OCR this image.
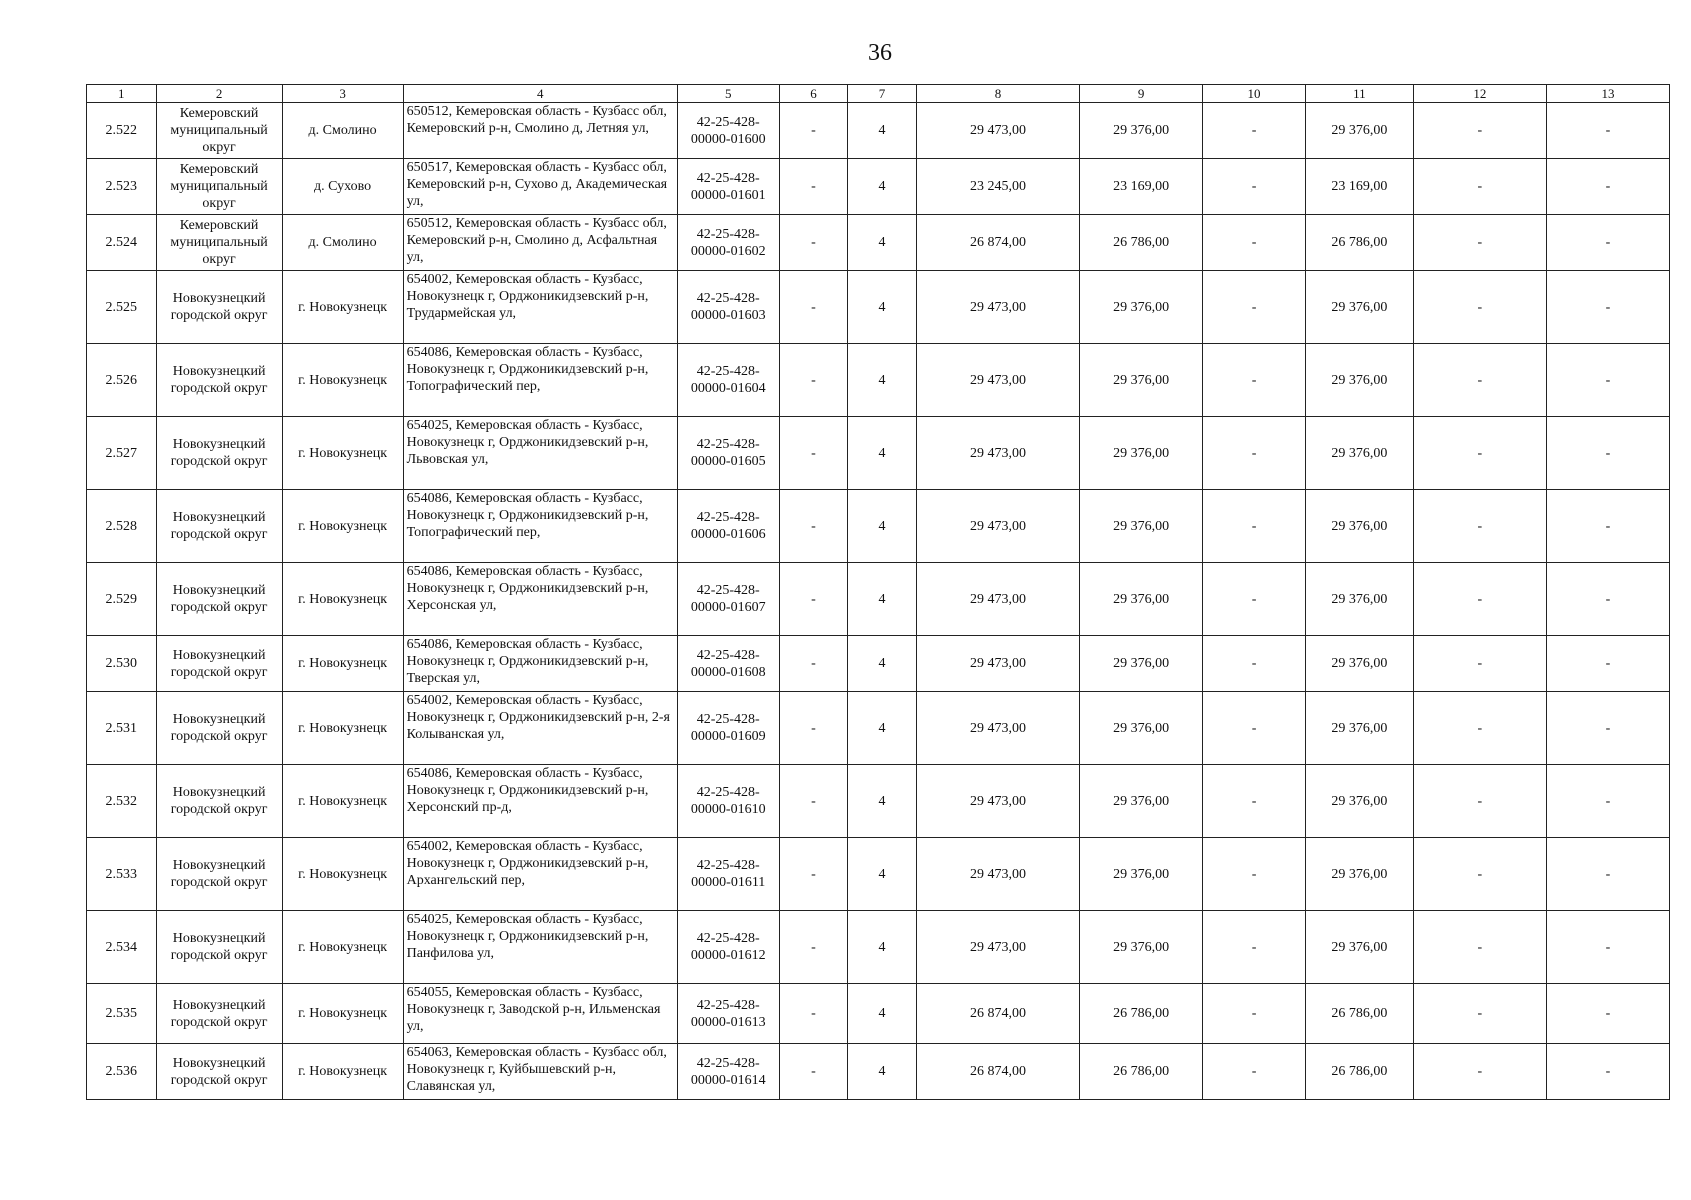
36
1	2	3	4	5	6	7	8	9	10	11	12	13
2.522	Кемеровский муниципальный округ	д. Смолино	650512, Кемеровская область - Кузбасс обл, Кемеровский р-н, Смолино д, Летняя ул,	42-25-428-00000-01600	-	4	29 473,00	29 376,00	-	29 376,00	-	-
2.523	Кемеровский муниципальный округ	д. Сухово	650517, Кемеровская область - Кузбасс обл, Кемеровский р-н, Сухово д, Академическая ул,	42-25-428-00000-01601	-	4	23 245,00	23 169,00	-	23 169,00	-	-
2.524	Кемеровский муниципальный округ	д. Смолино	650512, Кемеровская область - Кузбасс обл, Кемеровский р-н, Смолино д, Асфальтная ул,	42-25-428-00000-01602	-	4	26 874,00	26 786,00	-	26 786,00	-	-
2.525	Новокузнецкий городской округ	г. Новокузнецк	654002, Кемеровская область - Кузбасс, Новокузнецк г, Орджоникидзевский р-н, Трудармейская ул,	42-25-428-00000-01603	-	4	29 473,00	29 376,00	-	29 376,00	-	-
2.526	Новокузнецкий городской округ	г. Новокузнецк	654086, Кемеровская область - Кузбасс, Новокузнецк г, Орджоникидзевский р-н, Топографический пер,	42-25-428-00000-01604	-	4	29 473,00	29 376,00	-	29 376,00	-	-
2.527	Новокузнецкий городской округ	г. Новокузнецк	654025, Кемеровская область - Кузбасс, Новокузнецк г, Орджоникидзевский р-н, Львовская ул,	42-25-428-00000-01605	-	4	29 473,00	29 376,00	-	29 376,00	-	-
2.528	Новокузнецкий городской округ	г. Новокузнецк	654086, Кемеровская область - Кузбасс, Новокузнецк г, Орджоникидзевский р-н, Топографический пер,	42-25-428-00000-01606	-	4	29 473,00	29 376,00	-	29 376,00	-	-
2.529	Новокузнецкий городской округ	г. Новокузнецк	654086, Кемеровская область - Кузбасс, Новокузнецк г, Орджоникидзевский р-н, Херсонская ул,	42-25-428-00000-01607	-	4	29 473,00	29 376,00	-	29 376,00	-	-
2.530	Новокузнецкий городской округ	г. Новокузнецк	654086, Кемеровская область - Кузбасс, Новокузнецк г, Орджоникидзевский р-н, Тверская ул,	42-25-428-00000-01608	-	4	29 473,00	29 376,00	-	29 376,00	-	-
2.531	Новокузнецкий городской округ	г. Новокузнецк	654002, Кемеровская область - Кузбасс, Новокузнецк г, Орджоникидзевский р-н, 2-я Колыванская ул,	42-25-428-00000-01609	-	4	29 473,00	29 376,00	-	29 376,00	-	-
2.532	Новокузнецкий городской округ	г. Новокузнецк	654086, Кемеровская область - Кузбасс, Новокузнецк г, Орджоникидзевский р-н, Херсонский пр-д,	42-25-428-00000-01610	-	4	29 473,00	29 376,00	-	29 376,00	-	-
2.533	Новокузнецкий городской округ	г. Новокузнецк	654002, Кемеровская область - Кузбасс, Новокузнецк г, Орджоникидзевский р-н, Архангельский пер,	42-25-428-00000-01611	-	4	29 473,00	29 376,00	-	29 376,00	-	-
2.534	Новокузнецкий городской округ	г. Новокузнецк	654025, Кемеровская область - Кузбасс, Новокузнецк г, Орджоникидзевский р-н, Панфилова ул,	42-25-428-00000-01612	-	4	29 473,00	29 376,00	-	29 376,00	-	-
2.535	Новокузнецкий городской округ	г. Новокузнецк	654055, Кемеровская область - Кузбасс, Новокузнецк г, Заводской р-н, Ильменская ул,	42-25-428-00000-01613	-	4	26 874,00	26 786,00	-	26 786,00	-	-
2.536	Новокузнецкий городской округ	г. Новокузнецк	654063, Кемеровская область - Кузбасс обл, Новокузнецк г, Куйбышевский р-н, Славянская ул,	42-25-428-00000-01614	-	4	26 874,00	26 786,00	-	26 786,00	-	-
